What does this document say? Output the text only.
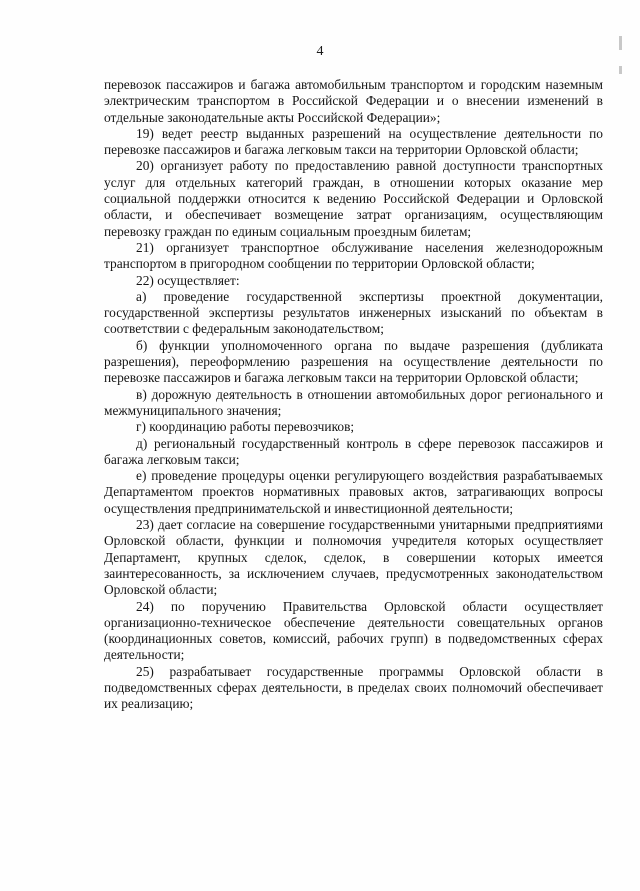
4

перевозок пассажиров и багажа автомобильным транспортом и городским наземным электрическим транспортом в Российской Федерации и о внесении изменений в отдельные законодательные акты Российской Федерации»;

19) ведет реестр выданных разрешений на осуществление деятельности по перевозке пассажиров и багажа легковым такси на территории Орловской области;

20) организует работу по предоставлению равной доступности транспортных услуг для отдельных категорий граждан, в отношении которых оказание мер социальной поддержки относится к ведению Российской Федерации и Орловской области, и обеспечивает возмещение затрат организациям, осуществляющим перевозку граждан по единым социальным проездным билетам;

21) организует транспортное обслуживание населения железнодорожным транспортом в пригородном сообщении по территории Орловской области;

22) осуществляет:

а) проведение государственной экспертизы проектной документации, государственной экспертизы результатов инженерных изысканий по объектам в соответствии с федеральным законодательством;

б) функции уполномоченного органа по выдаче разрешения (дубликата разрешения), переоформлению разрешения на осуществление деятельности по перевозке пассажиров и багажа легковым такси на территории Орловской области;

в) дорожную деятельность в отношении автомобильных дорог регионального и межмуниципального значения;

г) координацию работы перевозчиков;

д) региональный государственный контроль в сфере перевозок пассажиров и багажа легковым такси;

е) проведение процедуры оценки регулирующего воздействия разрабатываемых Департаментом проектов нормативных правовых актов, затрагивающих вопросы осуществления предпринимательской и инвестиционной деятельности;

23) дает согласие на совершение государственными унитарными предприятиями Орловской области, функции и полномочия учредителя которых осуществляет Департамент, крупных сделок, сделок, в совершении которых имеется заинтересованность, за исключением случаев, предусмотренных законодательством Орловской области;

24) по поручению Правительства Орловской области осуществляет организационно-техническое обеспечение деятельности совещательных органов (координационных советов, комиссий, рабочих групп) в подведомственных сферах деятельности;

25) разрабатывает государственные программы Орловской области в подведомственных сферах деятельности, в пределах своих полномочий обеспечивает их реализацию;
